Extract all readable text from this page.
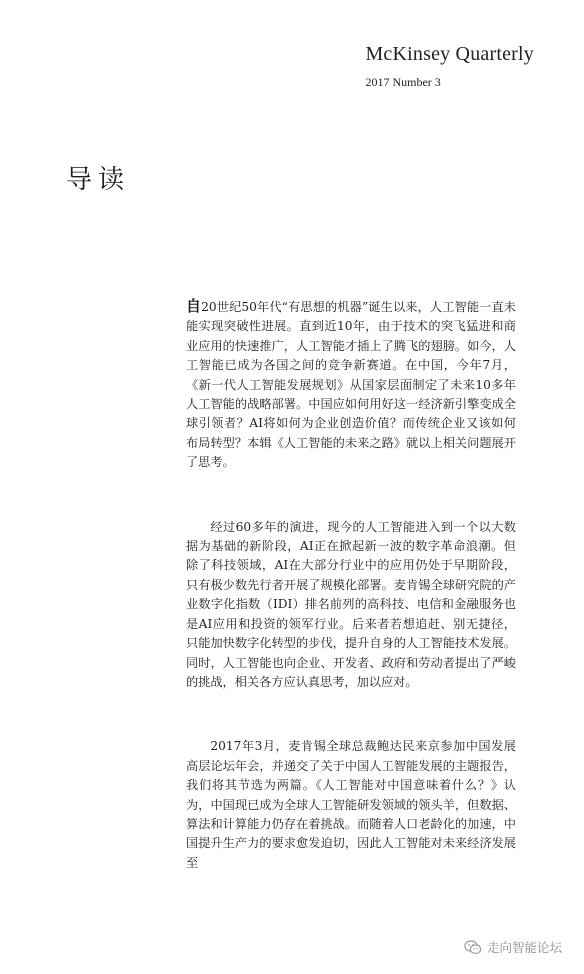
McKinsey Quarterly
2017 Number 3
导读

自20世纪50年代“有思想的机器”诞生以来，人工智能一直未能实现突破性进展。直到近10年，由于技术的突飞猛进和商业应用的快速推广，人工智能才插上了腾飞的翅膀。如今，人工智能已成为各国之间的竞争新赛道。在中国，今年7月，《新一代人工智能发展规划》从国家层面制定了未来10多年人工智能的战略部署。中国应如何用好这一经济新引擎变成全球引领者？AI将如何为企业创造价值？而传统企业又该如何布局转型？本辑《人工智能的未来之路》就以上相关问题展开了思考。

经过60多年的演进，现今的人工智能进入到一个以大数据为基础的新阶段，AI正在掀起新一波的数字革命浪潮。但除了科技领域，AI在大部分行业中的应用仍处于早期阶段，只有极少数先行者开展了规模化部署。麦肯锡全球研究院的产业数字化指数（IDI）排名前列的高科技、电信和金融服务也是AI应用和投资的领军行业。后来者若想追赶、别无捷径，只能加快数字化转型的步伐，提升自身的人工智能技术发展。同时，人工智能也向企业、开发者、政府和劳动者提出了严峻的挑战，相关各方应认真思考，加以应对。

2017年3月，麦肯锡全球总裁鲍达民来京参加中国发展高层论坛年会，并递交了关于中国人工智能发展的主题报告，我们将其节选为两篇。《人工智能对中国意味着什么？》认为，中国现已成为全球人工智能研发领域的领头羊，但数据、算法和计算能力仍存在着挑战。而随着人口老龄化的加速，中国提升生产力的要求愈发迫切，因此人工智能对未来经济发展至

走向智能论坛
